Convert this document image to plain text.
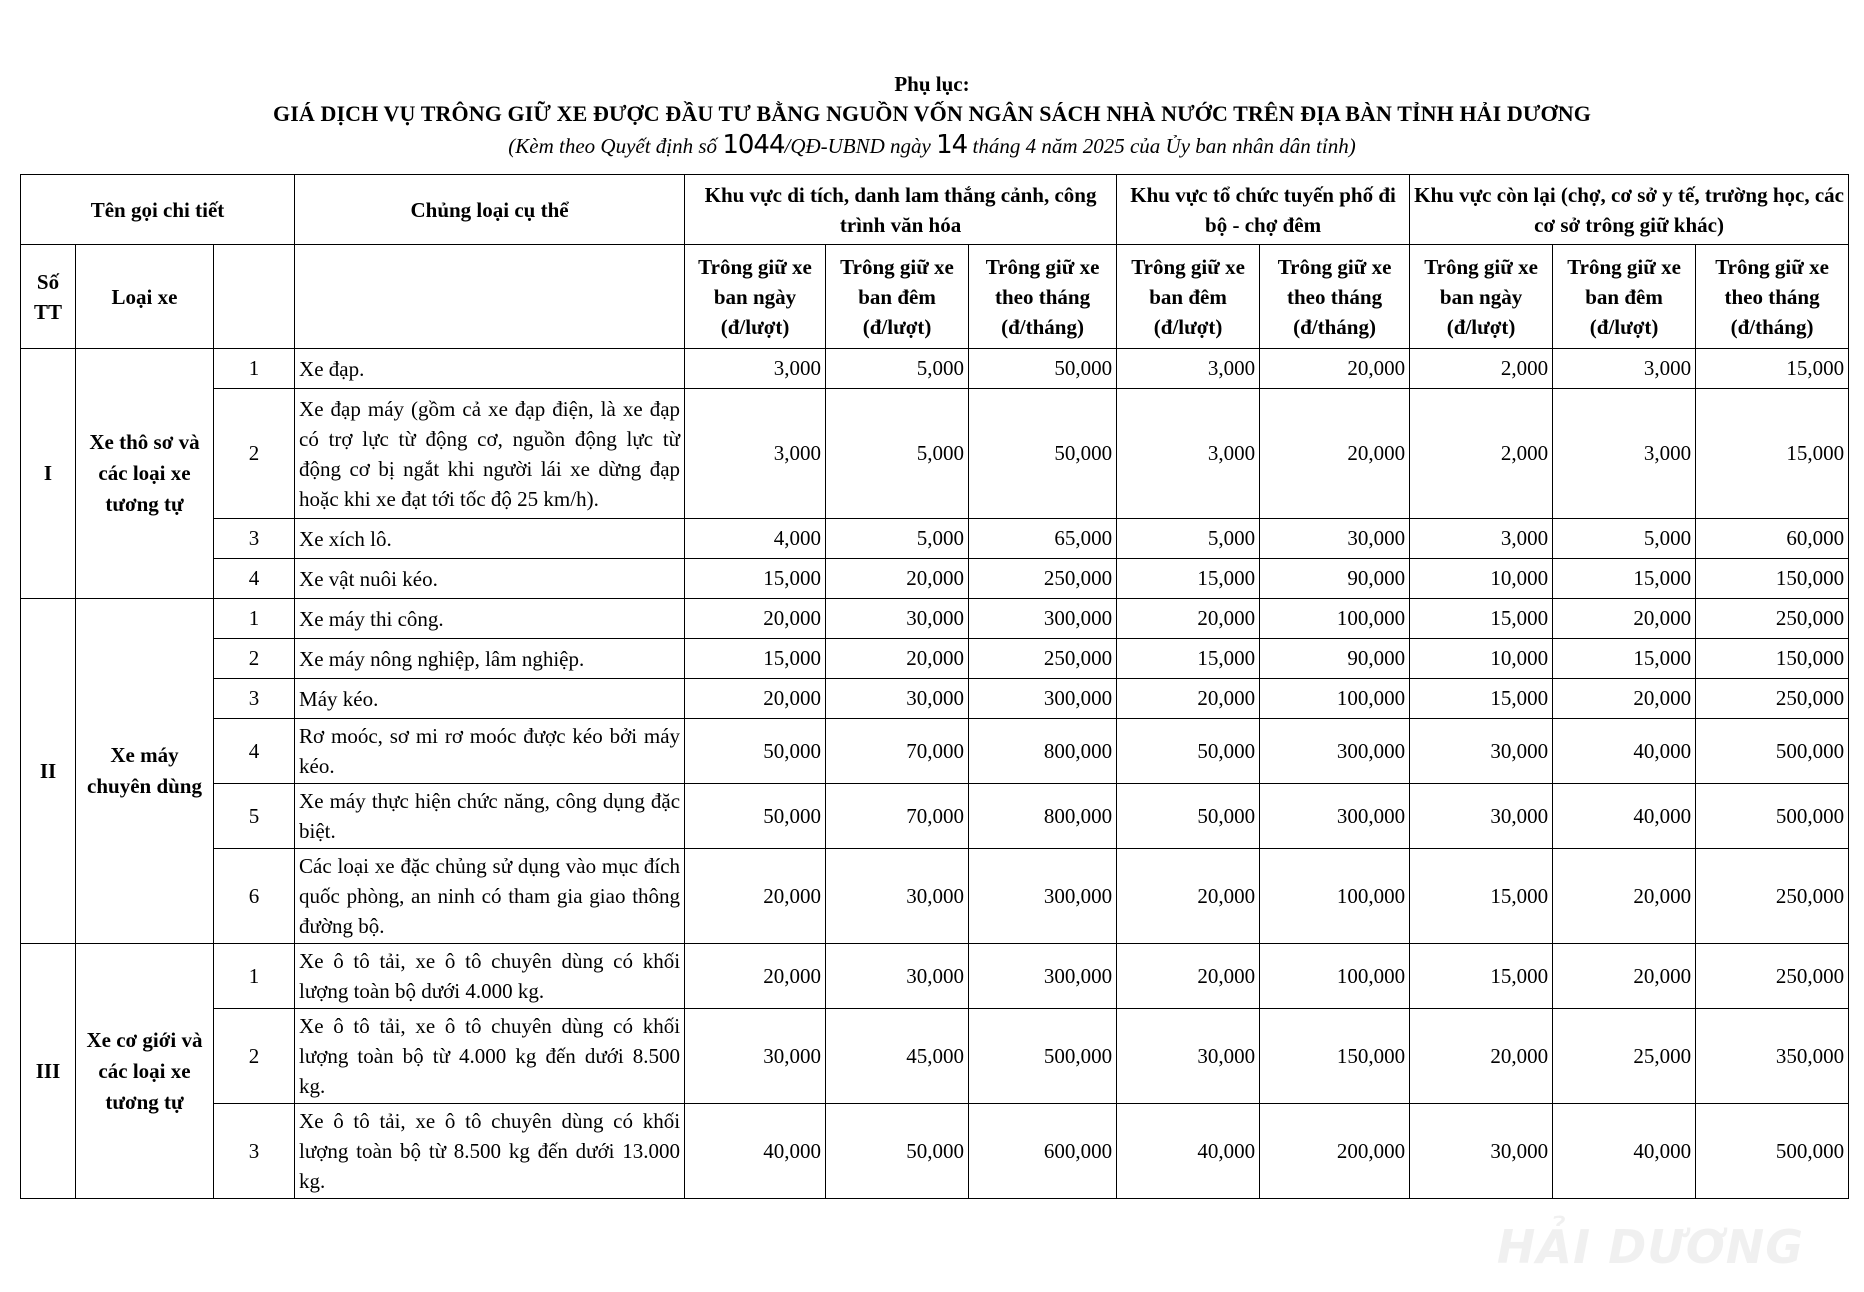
Phụ lục:
GIÁ DỊCH VỤ TRÔNG GIỮ XE ĐƯỢC ĐẦU TƯ BẰNG NGUỒN VỐN NGÂN SÁCH NHÀ NƯỚC TRÊN ĐỊA BÀN TỈNH HẢI DƯƠNG
(Kèm theo Quyết định số 1044/QĐ-UBND ngày 14 tháng 4 năm 2025 của Ủy ban nhân dân tỉnh)
Tên gọi chi tiết			Chủng loại cụ thể	Khu vực di tích, danh lam thắng cảnh, công trình văn hóa			Khu vực tổ chức tuyến phố đi bộ - chợ đêm		Khu vực còn lại (chợ, cơ sở y tế, trường học, các cơ sở trông giữ khác)		
Số TT	Loại xe			Trông giữ xe ban ngày (đ/lượt)	Trông giữ xe ban đêm (đ/lượt)	Trông giữ xe theo tháng (đ/tháng)	Trông giữ xe ban đêm (đ/lượt)	Trông giữ xe theo tháng (đ/tháng)	Trông giữ xe ban ngày (đ/lượt)	Trông giữ xe ban đêm (đ/lượt)	Trông giữ xe theo tháng (đ/tháng)
I	Xe thô sơ và các loại xe tương tự	1	Xe đạp.	3,000	5,000	50,000	3,000	20,000	2,000	3,000	15,000
		2	Xe đạp máy (gồm cả xe đạp điện, là xe đạp có trợ lực từ động cơ, nguồn động lực từ động cơ bị ngắt khi người lái xe dừng đạp hoặc khi xe đạt tới tốc độ 25 km/h).	3,000	5,000	50,000	3,000	20,000	2,000	3,000	15,000
		3	Xe xích lô.	4,000	5,000	65,000	5,000	30,000	3,000	5,000	60,000
		4	Xe vật nuôi kéo.	15,000	20,000	250,000	15,000	90,000	10,000	15,000	150,000
II	Xe máy chuyên dùng	1	Xe máy thi công.	20,000	30,000	300,000	20,000	100,000	15,000	20,000	250,000
		2	Xe máy nông nghiệp, lâm nghiệp.	15,000	20,000	250,000	15,000	90,000	10,000	15,000	150,000
		3	Máy kéo.	20,000	30,000	300,000	20,000	100,000	15,000	20,000	250,000
		4	Rơ moóc, sơ mi rơ moóc được kéo bởi máy kéo.	50,000	70,000	800,000	50,000	300,000	30,000	40,000	500,000
		5	Xe máy thực hiện chức năng, công dụng đặc biệt.	50,000	70,000	800,000	50,000	300,000	30,000	40,000	500,000
		6	Các loại xe đặc chủng sử dụng vào mục đích quốc phòng, an ninh có tham gia giao thông đường bộ.	20,000	30,000	300,000	20,000	100,000	15,000	20,000	250,000
III	Xe cơ giới và các loại xe tương tự	1	Xe ô tô tải, xe ô tô chuyên dùng có khối lượng toàn bộ dưới 4.000 kg.	20,000	30,000	300,000	20,000	100,000	15,000	20,000	250,000
		2	Xe ô tô tải, xe ô tô chuyên dùng có khối lượng toàn bộ từ 4.000 kg đến dưới 8.500 kg.	30,000	45,000	500,000	30,000	150,000	20,000	25,000	350,000
		3	Xe ô tô tải, xe ô tô chuyên dùng có khối lượng toàn bộ từ 8.500 kg đến dưới 13.000 kg.	40,000	50,000	600,000	40,000	200,000	30,000	40,000	500,000
HẢI DƯƠNG
